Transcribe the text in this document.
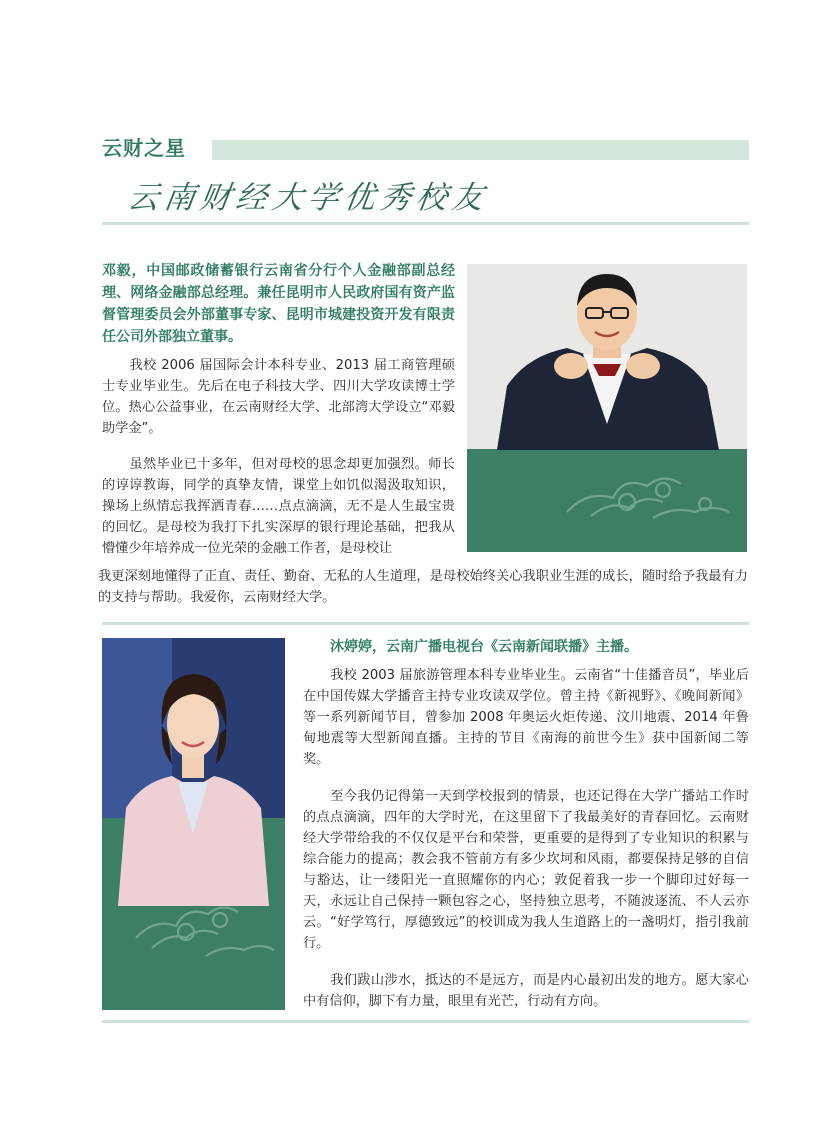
云财之星
云南财经大学优秀校友

邓毅，中国邮政储蓄银行云南省分行个人金融部副总经理、网络金融部总经理。兼任昆明市人民政府国有资产监督管理委员会外部董事专家、昆明市城建投资开发有限责任公司外部独立董事。

我校 2006 届国际会计本科专业、2013 届工商管理硕士专业毕业生。先后在电子科技大学、四川大学攻读博士学位。热心公益事业，在云南财经大学、北部湾大学设立“邓毅助学金”。

虽然毕业已十多年，但对母校的思念却更加强烈。师长的谆谆教诲，同学的真挚友情，课堂上如饥似渴汲取知识，操场上纵情忘我挥洒青春……点点滴滴，无不是人生最宝贵的回忆。是母校为我打下扎实深厚的银行理论基础，把我从懵懂少年培养成一位光荣的金融工作者，是母校让

我更深刻地懂得了正直、责任、勤奋、无私的人生道理，是母校始终关心我职业生涯的成长，随时给予我最有力的支持与帮助。我爱你，云南财经大学。

沐婷婷，云南广播电视台《云南新闻联播》主播。

我校 2003 届旅游管理本科专业毕业生。云南省“十佳播音员”，毕业后在中国传媒大学播音主持专业攻读双学位。曾主持《新视野》、《晚间新闻》等一系列新闻节目，曾参加 2008 年奥运火炬传递、汶川地震、2014 年鲁甸地震等大型新闻直播。主持的节目《南海的前世今生》获中国新闻二等奖。

至今我仍记得第一天到学校报到的情景，也还记得在大学广播站工作时的点点滴滴，四年的大学时光，在这里留下了我最美好的青春回忆。云南财经大学带给我的不仅仅是平台和荣誉，更重要的是得到了专业知识的积累与综合能力的提高；教会我不管前方有多少坎坷和风雨，都要保持足够的自信与豁达，让一缕阳光一直照耀你的内心；敦促着我一步一个脚印过好每一天，永远让自己保持一颗包容之心，坚持独立思考，不随波逐流、不人云亦云。“好学笃行，厚德致远”的校训成为我人生道路上的一盏明灯，指引我前行。

我们跋山涉水，抵达的不是远方，而是内心最初出发的地方。愿大家心中有信仰，脚下有力量，眼里有光芒，行动有方向。
